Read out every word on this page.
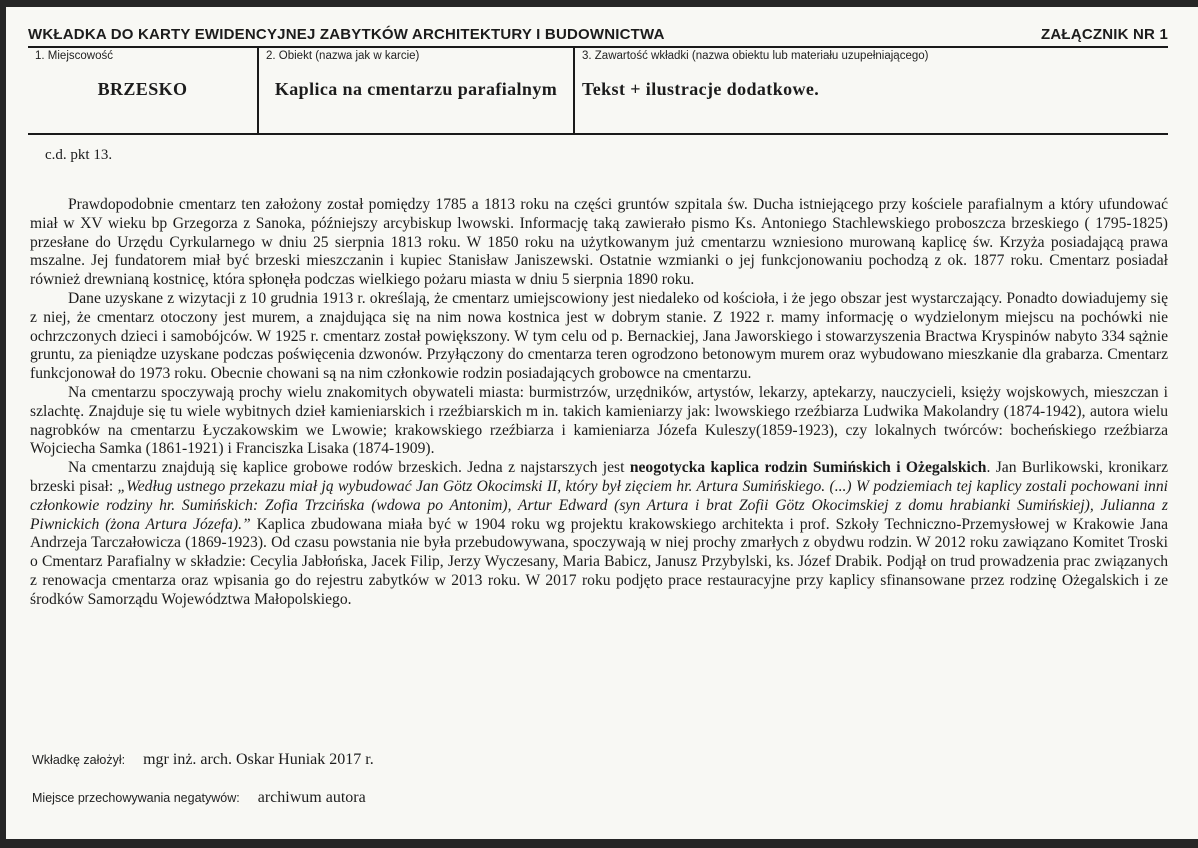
WKŁADKA DO KARTY EWIDENCYJNEJ ZABYTKÓW ARCHITEKTURY I BUDOWNICTWA	ZAŁĄCZNIK NR 1
1. Miejscowość
BRZESKO
2. Obiekt (nazwa jak w karcie)
Kaplica na cmentarzu parafialnym
3. Zawartość wkładki (nazwa obiektu lub materiału uzupełniającego)
Tekst + ilustracje dodatkowe.
c.d. pkt 13.

Prawdopodobnie cmentarz ten założony został pomiędzy 1785 a 1813 roku na części gruntów szpitala św. Ducha istniejącego przy kościele parafialnym a który ufundować miał w XV wieku bp Grzegorza z Sanoka, późniejszy arcybiskup lwowski. Informację taką zawierało pismo Ks. Antoniego Stachlewskiego proboszcza brzeskiego ( 1795-1825) przesłane do Urzędu Cyrkularnego w dniu 25 sierpnia 1813 roku. W 1850 roku na użytkowanym już cmentarzu wzniesiono murowaną kaplicę św. Krzyża posiadającą prawa mszalne. Jej fundatorem miał być brzeski mieszczanin i kupiec Stanisław Janiszewski. Ostatnie wzmianki o jej funkcjonowaniu pochodzą z ok. 1877 roku. Cmentarz posiadał również drewnianą kostnicę, która spłonęła podczas wielkiego pożaru miasta w dniu 5 sierpnia 1890 roku.

Dane uzyskane z wizytacji z 10 grudnia 1913 r. określają, że cmentarz umiejscowiony jest niedaleko od kościoła, i że jego obszar jest wystarczający. Ponadto dowiadujemy się z niej, że cmentarz otoczony jest murem, a znajdująca się na nim nowa kostnica jest w dobrym stanie. Z 1922 r. mamy informację o wydzielonym miejscu na pochówki nie ochrzczonych dzieci i samobójców. W 1925 r. cmentarz został powiększony. W tym celu od p. Bernackiej, Jana Jaworskiego i stowarzyszenia Bractwa Kryspinów nabyto 334 sążnie gruntu, za pieniądze uzyskane podczas poświęcenia dzwonów. Przyłączony do cmentarza teren ogrodzono betonowym murem oraz wybudowano mieszkanie dla grabarza. Cmentarz funkcjonował do 1973 roku. Obecnie chowani są na nim członkowie rodzin posiadających grobowce na cmentarzu.

Na cmentarzu spoczywają prochy wielu znakomitych obywateli miasta: burmistrzów, urzędników, artystów, lekarzy, aptekarzy, nauczycieli, księży wojskowych, mieszczan i szlachtę. Znajduje się tu wiele wybitnych dzieł kamieniarskich i rzeźbiarskich m in. takich kamieniarzy jak: lwowskiego rzeźbiarza Ludwika Makolandry (1874-1942), autora wielu nagrobków na cmentarzu Łyczakowskim we Lwowie; krakowskiego rzeźbiarza i kamieniarza Józefa Kuleszy(1859-1923), czy lokalnych twórców: bocheńskiego rzeźbiarza Wojciecha Samka (1861-1921) i Franciszka Lisaka (1874-1909).

Na cmentarzu znajdują się kaplice grobowe rodów brzeskich. Jedna z najstarszych jest neogotycka kaplica rodzin Sumińskich i Ożegalskich. Jan Burlikowski, kronikarz brzeski pisał: „Według ustnego przekazu miał ją wybudować Jan Götz Okocimski II, który był zięciem hr. Artura Sumińskiego. (...) W podziemiach tej kaplicy zostali pochowani inni członkowie rodziny hr. Sumińskich: Zofia Trzcińska (wdowa po Antonim), Artur Edward (syn Artura i brat Zofii Götz Okocimskiej z domu hrabianki Sumińskiej), Julianna z Piwnickich (żona Artura Józefa).” Kaplica zbudowana miała być w 1904 roku wg projektu krakowskiego architekta i prof. Szkoły Techniczno-Przemysłowej w Krakowie Jana Andrzeja Tarczałowicza (1869-1923). Od czasu powstania nie była przebudowywana, spoczywają w niej prochy zmarłych z obydwu rodzin. W 2012 roku zawiązano Komitet Troski o Cmentarz Parafialny w składzie: Cecylia Jabłońska, Jacek Filip, Jerzy Wyczesany, Maria Babicz, Janusz Przybylski, ks. Józef Drabik. Podjął on trud prowadzenia prac związanych z renowacja cmentarza oraz wpisania go do rejestru zabytków w 2013 roku. W 2017 roku podjęto prace restauracyjne przy kaplicy sfinansowane przez rodzinę Ożegalskich i ze środków Samorządu Województwa Małopolskiego.

Wkładkę założył: mgr inż. arch. Oskar Huniak 2017 r.
Miejsce przechowywania negatywów: archiwum autora
